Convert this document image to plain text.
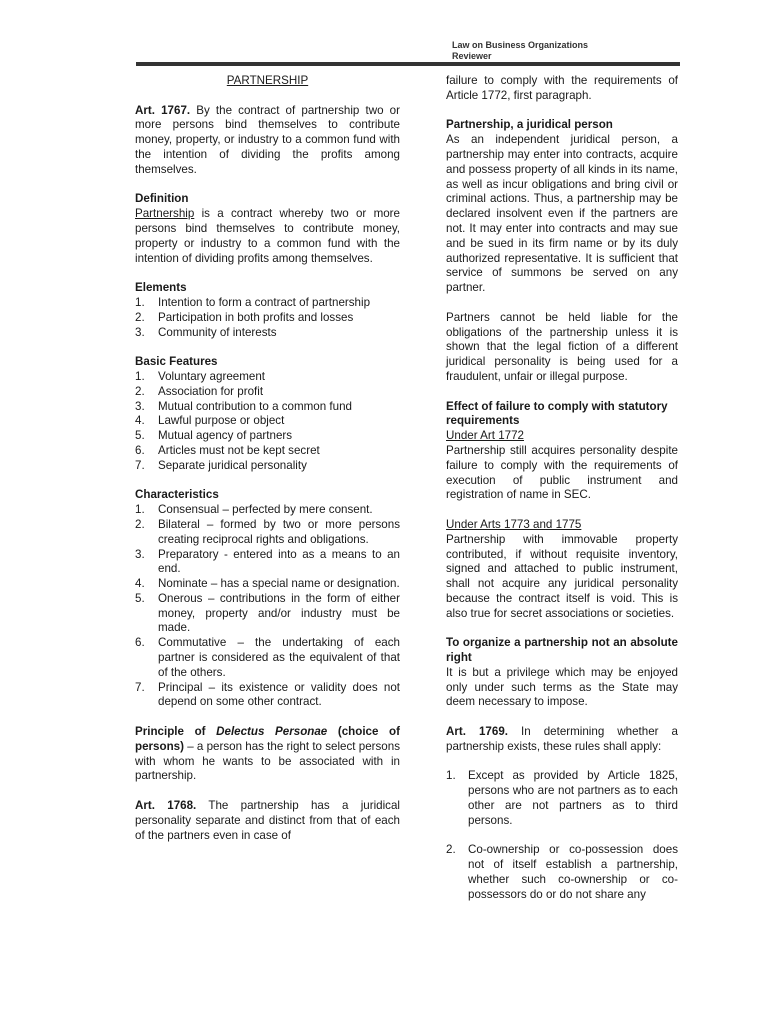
Law on Business Organizations
Reviewer

PARTNERSHIP

Art. 1767. By the contract of partnership two or more persons bind themselves to contribute money, property, or industry to a common fund with the intention of dividing the profits among themselves.

Definition

Partnership is a contract whereby two or more persons bind themselves to contribute money, property or industry to a common fund with the intention of dividing profits among themselves.

Elements

1. Intention to form a contract of partnership
2. Participation in both profits and losses
3. Community of interests

Basic Features

1. Voluntary agreement
2. Association for profit
3. Mutual contribution to a common fund
4. Lawful purpose or object
5. Mutual agency of partners
6. Articles must not be kept secret
7. Separate juridical personality

Characteristics

1. Consensual – perfected by mere consent.
2. Bilateral – formed by two or more persons creating reciprocal rights and obligations.
3. Preparatory - entered into as a means to an end.
4. Nominate – has a special name or designation.
5. Onerous – contributions in the form of either money, property and/or industry must be made.
6. Commutative – the undertaking of each partner is considered as the equivalent of that of the others.
7. Principal – its existence or validity does not depend on some other contract.

Principle of Delectus Personae (choice of persons) – a person has the right to select persons with whom he wants to be associated with in partnership.

Art. 1768. The partnership has a juridical personality separate and distinct from that of each of the partners even in case of

failure to comply with the requirements of Article 1772, first paragraph.

Partnership, a juridical person

As an independent juridical person, a partnership may enter into contracts, acquire and possess property of all kinds in its name, as well as incur obligations and bring civil or criminal actions. Thus, a partnership may be declared insolvent even if the partners are not. It may enter into contracts and may sue and be sued in its firm name or by its duly authorized representative. It is sufficient that service of summons be served on any partner.

Partners cannot be held liable for the obligations of the partnership unless it is shown that the legal fiction of a different juridical personality is being used for a fraudulent, unfair or illegal purpose.

Effect of failure to comply with statutory requirements

Under Art 1772

Partnership still acquires personality despite failure to comply with the requirements of execution of public instrument and registration of name in SEC.

Under Arts 1773 and 1775

Partnership with immovable property contributed, if without requisite inventory, signed and attached to public instrument, shall not acquire any juridical personality because the contract itself is void. This is also true for secret associations or societies.

To organize a partnership not an absolute right

It is but a privilege which may be enjoyed only under such terms as the State may deem necessary to impose.

Art. 1769. In determining whether a partnership exists, these rules shall apply:

1. Except as provided by Article 1825, persons who are not partners as to each other are not partners as to third persons.
2. Co-ownership or co-possession does not of itself establish a partnership, whether such co-ownership or co-possessors do or do not share any
